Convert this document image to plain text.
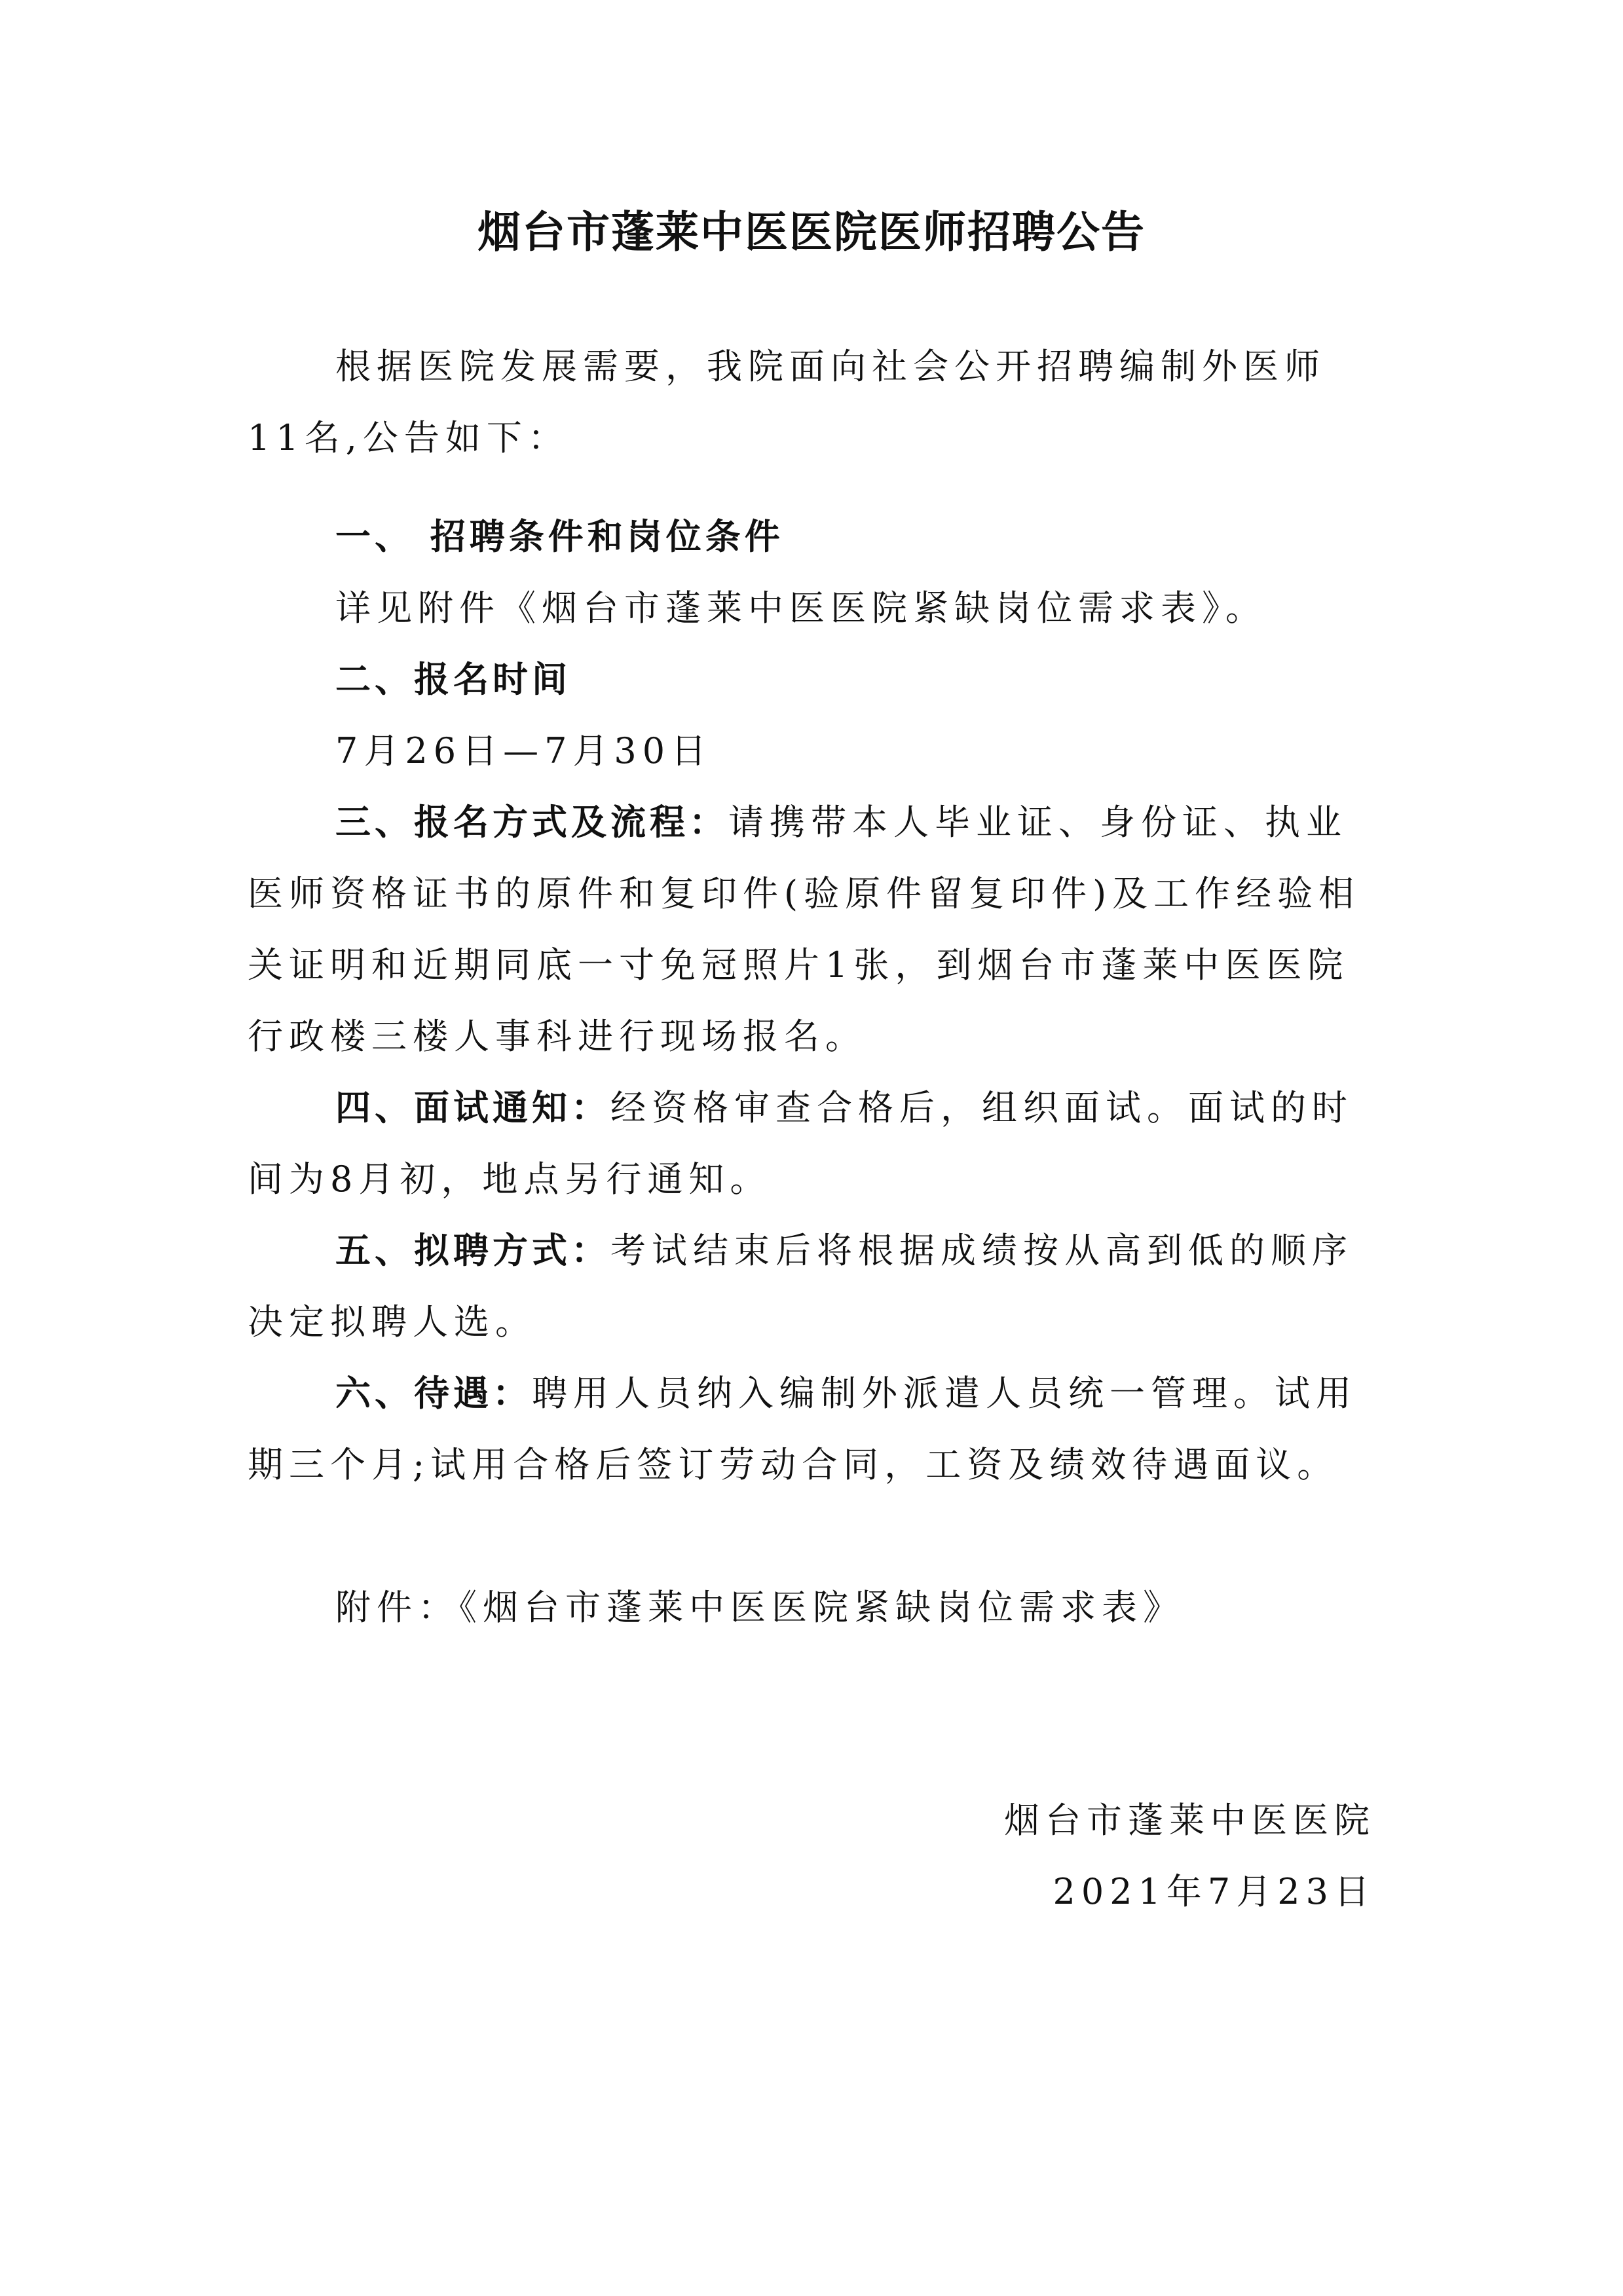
烟台市蓬莱中医医院医师招聘公告
根据医院发展需要，我院面向社会公开招聘编制外医师11名,公告如下：
一、 招聘条件和岗位条件
详见附件《烟台市蓬莱中医医院紧缺岗位需求表》。
二、报名时间
7月26日—7月30日
三、报名方式及流程：请携带本人毕业证、身份证、执业医师资格证书的原件和复印件(验原件留复印件)及工作经验相关证明和近期同底一寸免冠照片1张，到烟台市蓬莱中医医院行政楼三楼人事科进行现场报名。
四、面试通知：经资格审查合格后，组织面试。面试的时间为8月初，地点另行通知。
五、拟聘方式：考试结束后将根据成绩按从高到低的顺序决定拟聘人选。
六、待遇：聘用人员纳入编制外派遣人员统一管理。试用期三个月;试用合格后签订劳动合同，工资及绩效待遇面议。
附件：《烟台市蓬莱中医医院紧缺岗位需求表》
烟台市蓬莱中医医院
2021年7月23日
